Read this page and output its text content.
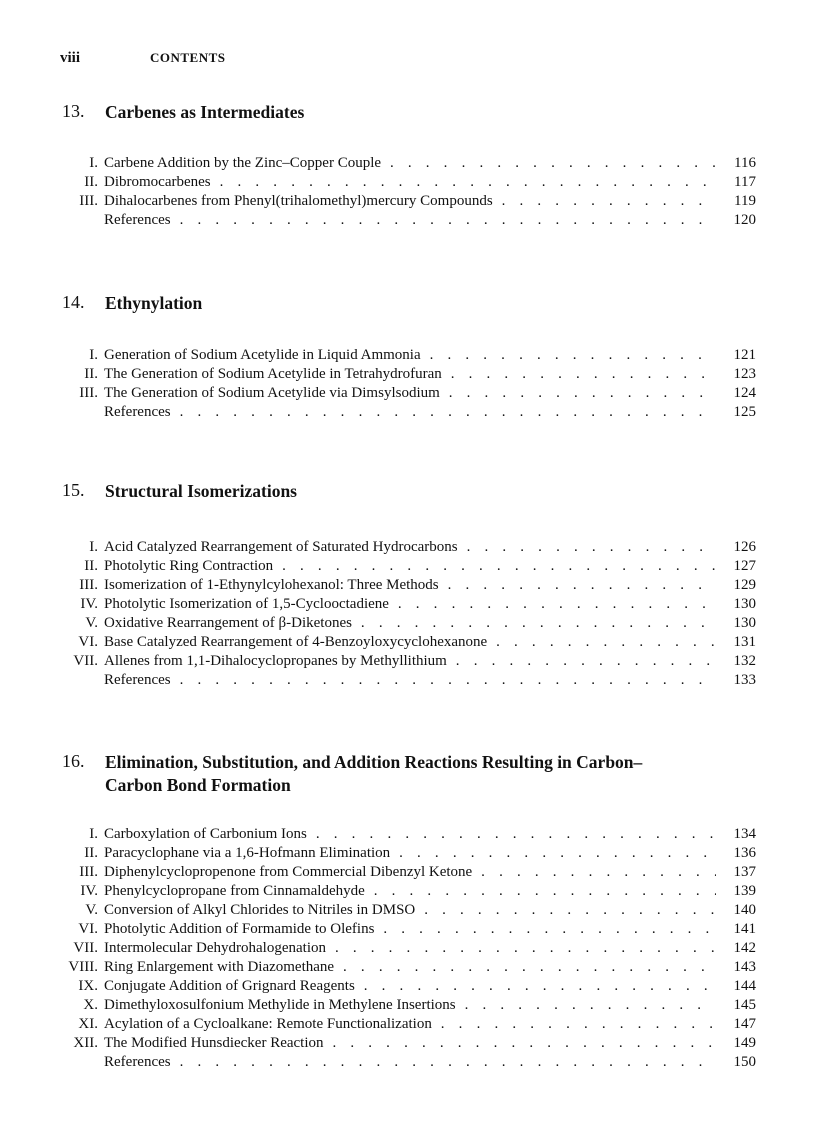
viii	CONTENTS
13. Carbenes as Intermediates
I. Carbene Addition by the Zinc–Copper Couple . . .	116
II. Dibromocarbenes . . .	117
III. Dihalocarbenes from Phenyl(trihalomethyl)mercury Compounds . . .	119
References . . .	120
14. Ethynylation
I. Generation of Sodium Acetylide in Liquid Ammonia . . .	121
II. The Generation of Sodium Acetylide in Tetrahydrofuran . . .	123
III. The Generation of Sodium Acetylide via Dimsylsodium . . .	124
References . . .	125
15. Structural Isomerizations
I. Acid Catalyzed Rearrangement of Saturated Hydrocarbons . . .	126
II. Photolytic Ring Contraction . . .	127
III. Isomerization of 1-Ethynylcylohexanol: Three Methods . . .	129
IV. Photolytic Isomerization of 1,5-Cyclooctadiene . . .	130
V. Oxidative Rearrangement of β-Diketones . . .	130
VI. Base Catalyzed Rearrangement of 4-Benzoyloxycyclohexanone . . .	131
VII. Allenes from 1,1-Dihalocyclopropanes by Methyllithium . . .	132
References . . .	133
16. Elimination, Substitution, and Addition Reactions Resulting in Carbon–Carbon Bond Formation
I. Carboxylation of Carbonium Ions . . .	134
II. Paracyclophane via a 1,6-Hofmann Elimination . . .	136
III. Diphenylcyclopropenone from Commercial Dibenzyl Ketone . . .	137
IV. Phenylcyclopropane from Cinnamaldehyde . . .	139
V. Conversion of Alkyl Chlorides to Nitriles in DMSO . . .	140
VI. Photolytic Addition of Formamide to Olefins . . .	141
VII. Intermolecular Dehydrohalogenation . . .	142
VIII. Ring Enlargement with Diazomethane . . .	143
IX. Conjugate Addition of Grignard Reagents . . .	144
X. Dimethyloxosulfonium Methylide in Methylene Insertions . . .	145
XI. Acylation of a Cycloalkane: Remote Functionalization . . .	147
XII. The Modified Hunsdiecker Reaction . . .	149
References . . .	150
